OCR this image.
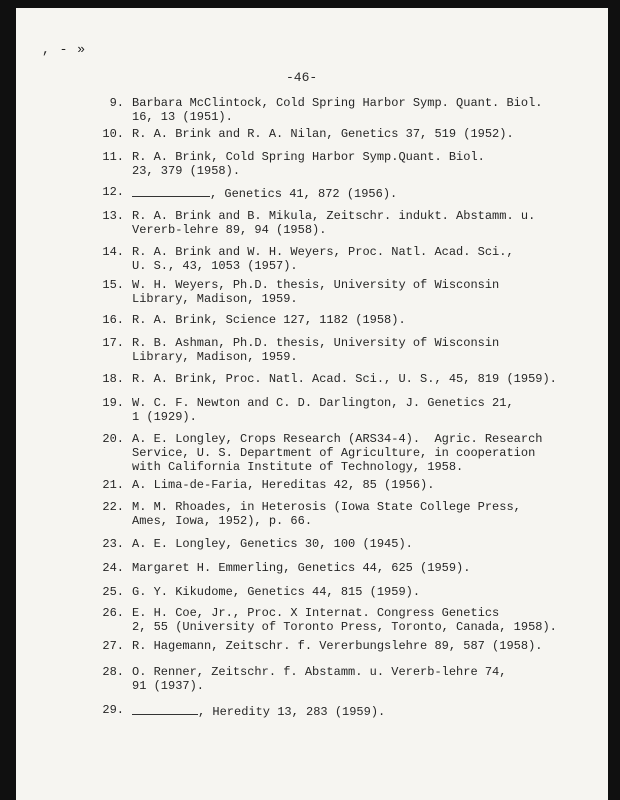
, - »
-46-
9. Barbara McClintock, Cold Spring Harbor Symp. Quant. Biol.
16, 13 (1951).
10. R. A. Brink and R. A. Nilan, Genetics 37, 519 (1952).
11. R. A. Brink, Cold Spring Harbor Symp.Quant. Biol.
23, 379 (1958).
12.	, Genetics 41, 872 (1956).
13. R. A. Brink and B. Mikula, Zeitschr. indukt. Abstamm. u.
Vererb-lehre 89, 94 (1958).
14. R. A. Brink and W. H. Weyers, Proc. Natl. Acad. Sci.,
U. S., 43, 1053 (1957).
15. W. H. Weyers, Ph.D. thesis, University of Wisconsin
Library, Madison, 1959.
16. R. A. Brink, Science 127, 1182 (1958).
17. R. B. Ashman, Ph.D. thesis, University of Wisconsin
Library, Madison, 1959.
18. R. A. Brink, Proc. Natl. Acad. Sci., U. S., 45, 819 (1959).
19. W. C. F. Newton and C. D. Darlington, J. Genetics 21,
1 (1929).
20. A. E. Longley, Crops Research (ARS34-4).  Agric. Research
Service, U. S. Department of Agriculture, in cooperation
with California Institute of Technology, 1958.
21. A. Lima-de-Faria, Hereditas 42, 85 (1956).
22. M. M. Rhoades, in Heterosis (Iowa State College Press,
Ames, Iowa, 1952), p. 66.
23. A. E. Longley, Genetics 30, 100 (1945).
24. Margaret H. Emmerling, Genetics 44, 625 (1959).
25. G. Y. Kikudome, Genetics 44, 815 (1959).
26. E. H. Coe, Jr., Proc. X Internat. Congress Genetics
2, 55 (University of Toronto Press, Toronto, Canada, 1958).
27. R. Hagemann, Zeitschr. f. Vererbungslehre 89, 587 (1958).
28. O. Renner, Zeitschr. f. Abstamm. u. Vererb-lehre 74,
91 (1937).
29.	, Heredity 13, 283 (1959).
